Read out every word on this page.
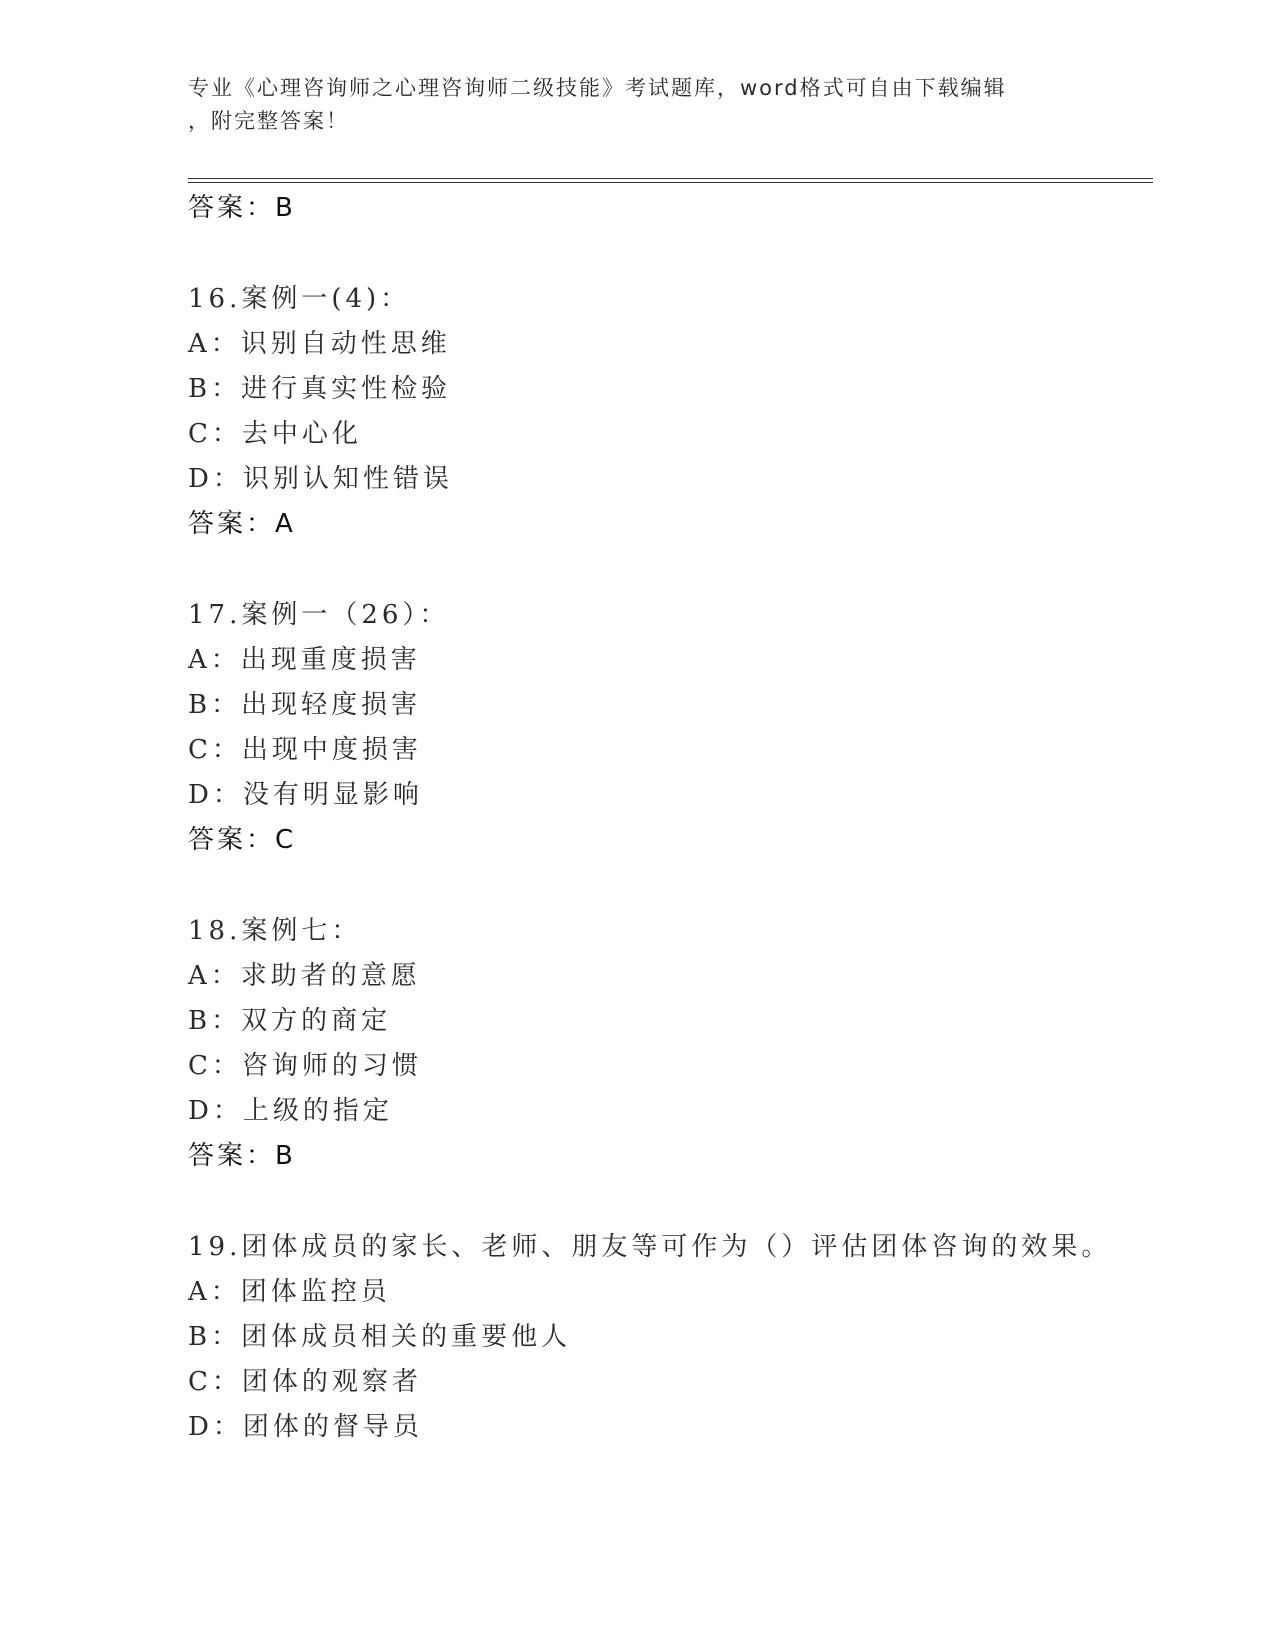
专业《心理咨询师之心理咨询师二级技能》考试题库，word格式可自由下载编辑

，附完整答案！

答案：B
16.案例一(4)：
A：识别自动性思维
B：进行真实性检验
C：去中心化
D：识别认知性错误
答案：A
17.案例一（26）：
A：出现重度损害
B：出现轻度损害
C：出现中度损害
D：没有明显影响
答案：C
18.案例七：
A：求助者的意愿
B：双方的商定
C：咨询师的习惯
D：上级的指定
答案：B
19.团体成员的家长、老师、朋友等可作为（）评估团体咨询的效果。
A：团体监控员
B：团体成员相关的重要他人
C：团体的观察者
D：团体的督导员
